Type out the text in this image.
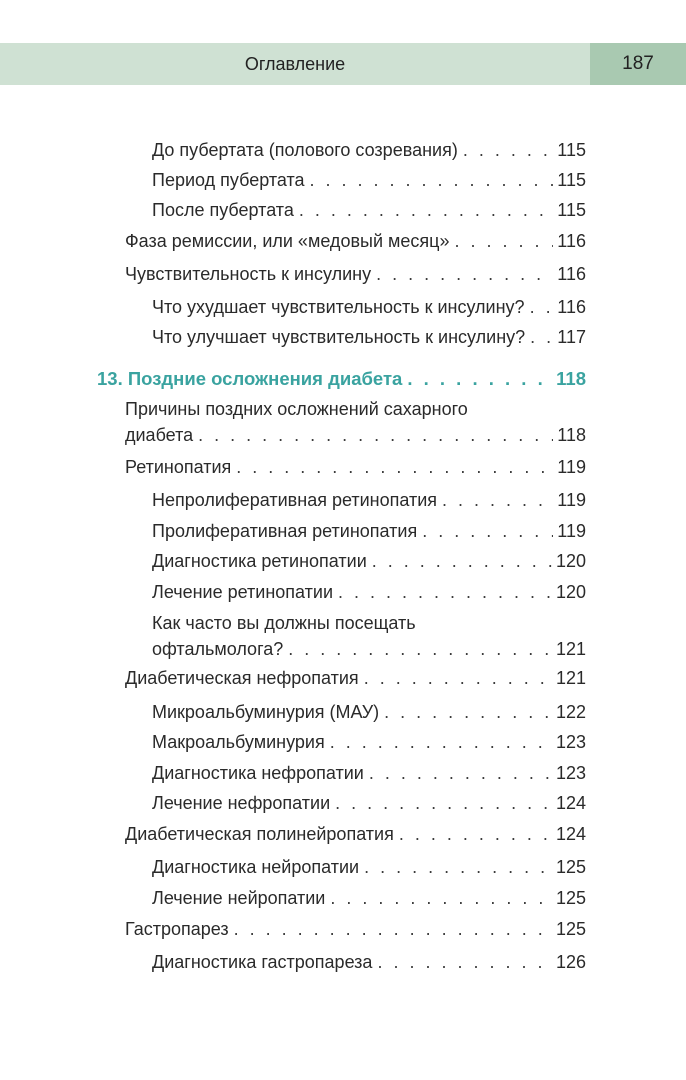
Оглавление	187
До пубертата (полового созревания) . . .	115
Период пубертата . . .	115
После пубертата . . .	115
Фаза ремиссии, или «медовый месяц» . . .	116
Чувствительность к инсулину . . .	116
Что ухудшает чувствительность к инсулину? . . . 116
Что улучшает чувствительность к инсулину? . . . 117
13. Поздние осложнения диабета . . .	118
Причины поздних осложнений сахарного
диабета . . .	118
Ретинопатия . . .	119
Непролиферативная ретинопатия . . .	119
Пролиферативная ретинопатия . . .	119
Диагностика ретинопатии . . .	120
Лечение ретинопатии . . .	120
Как часто вы должны посещать
офтальмолога? . . .	121
Диабетическая нефропатия . . .	121
Микроальбуминурия (МАУ) . . .	122
Макроальбуминурия . . .	123
Диагностика нефропатии . . .	123
Лечение нефропатии . . .	124
Диабетическая полинейропатия . . .	124
Диагностика нейропатии . . .	125
Лечение нейропатии . . .	125
Гастропарез . . .	125
Диагностика гастропареза . . .	126
